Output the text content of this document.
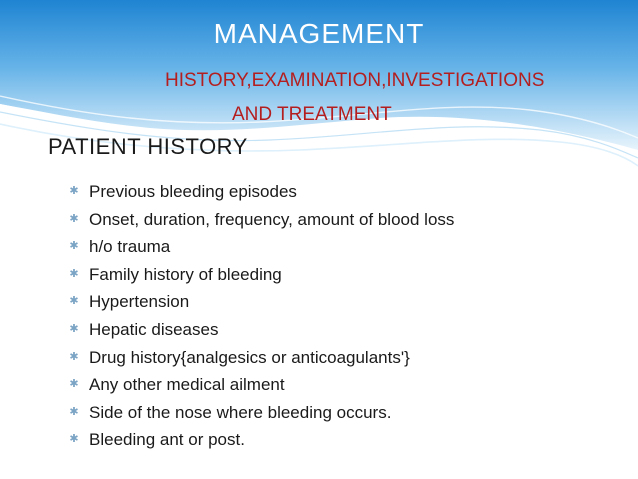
MANAGEMENT
HISTORY,EXAMINATION,INVESTIGATIONS
AND TREATMENT
PATIENT HISTORY
✱ Previous bleeding episodes
✱ Onset, duration, frequency, amount of blood loss
✱ h/o trauma
✱ Family history of bleeding
✱ Hypertension
✱ Hepatic diseases
✱ Drug history{analgesics or anticoagulants'}
✱ Any other medical ailment
✱ Side of the nose where bleeding occurs.
✱ Bleeding ant or post.
